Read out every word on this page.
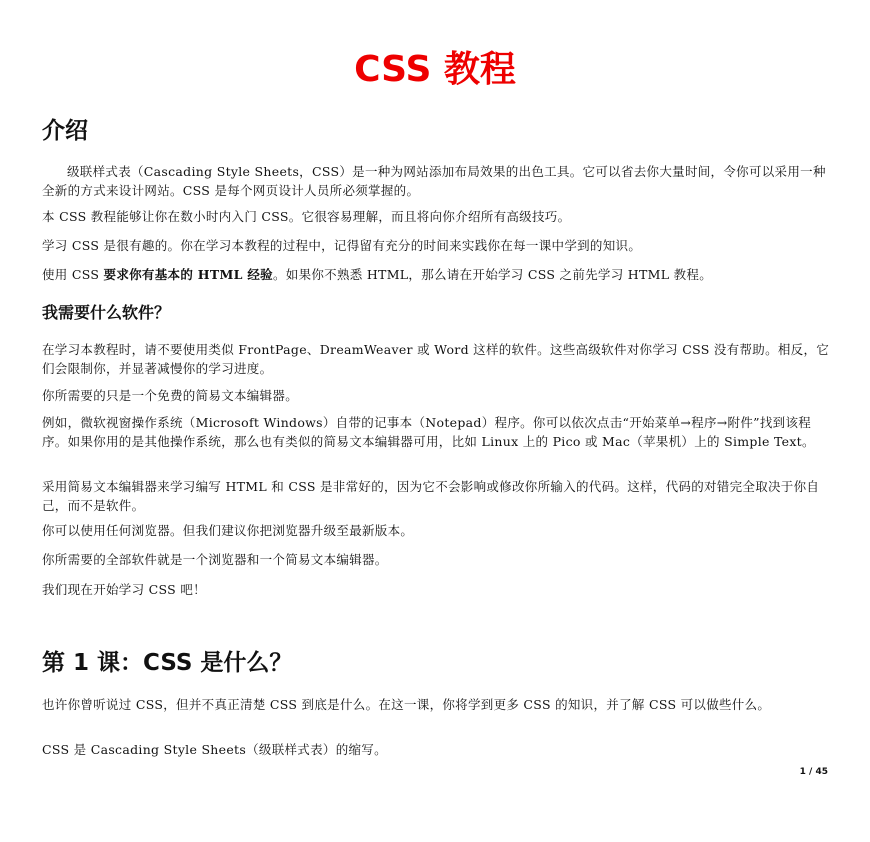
CSS 教程
介绍

级联样式表（Cascading Style Sheets，CSS）是一种为网站添加布局效果的出色工具。它可以省去你大量时间，令你可以采用一种全新的方式来设计网站。CSS 是每个网页设计人员所必须掌握的。

本 CSS 教程能够让你在数小时内入门 CSS。它很容易理解，而且将向你介绍所有高级技巧。

学习 CSS 是很有趣的。你在学习本教程的过程中，记得留有充分的时间来实践你在每一课中学到的知识。

使用 CSS 要求你有基本的 HTML 经验。如果你不熟悉 HTML，那么请在开始学习 CSS 之前先学习 HTML 教程。

我需要什么软件？

在学习本教程时，请不要使用类似 FrontPage、DreamWeaver 或 Word 这样的软件。这些高级软件对你学习 CSS 没有帮助。相反，它们会限制你，并显著减慢你的学习进度。

你所需要的只是一个免费的简易文本编辑器。

例如，微软视窗操作系统（Microsoft Windows）自带的记事本（Notepad）程序。你可以依次点击“开始菜单→程序→附件”找到该程序。如果你用的是其他操作系统，那么也有类似的简易文本编辑器可用，比如 Linux 上的 Pico 或 Mac（苹果机）上的 Simple Text。

采用简易文本编辑器来学习编写 HTML 和 CSS 是非常好的，因为它不会影响或修改你所输入的代码。这样，代码的对错完全取决于你自己，而不是软件。

你可以使用任何浏览器。但我们建议你把浏览器升级至最新版本。

你所需要的全部软件就是一个浏览器和一个简易文本编辑器。

我们现在开始学习 CSS 吧！

第 1 课：CSS 是什么？

也许你曾听说过 CSS，但并不真正清楚 CSS 到底是什么。在这一课，你将学到更多 CSS 的知识，并了解 CSS 可以做些什么。

CSS 是 Cascading Style Sheets（级联样式表）的缩写。

1 / 45
